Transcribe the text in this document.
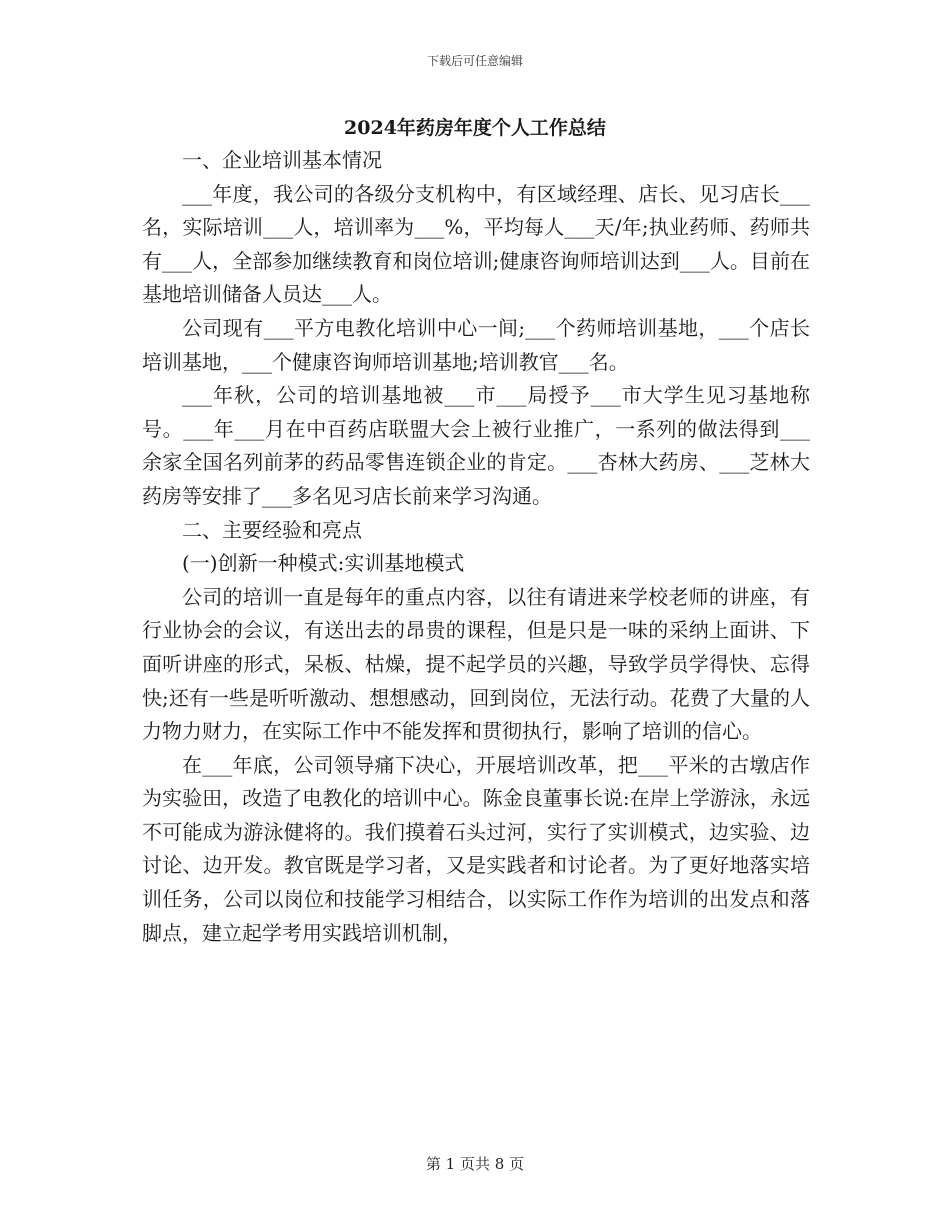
下载后可任意编辑

2024年药房年度个人工作总结

一、企业培训基本情况

___年度，我公司的各级分支机构中，有区域经理、店长、见习店长___名，实际培训___人，培训率为___%，平均每人___天/年;执业药师、药师共有___人，全部参加继续教育和岗位培训;健康咨询师培训达到___人。目前在基地培训储备人员达___人。

公司现有___平方电教化培训中心一间;___个药师培训基地，___个店长培训基地，___个健康咨询师培训基地;培训教官___名。

___年秋，公司的培训基地被___市___局授予___市大学生见习基地称号。___年___月在中百药店联盟大会上被行业推广，一系列的做法得到___余家全国名列前茅的药品零售连锁企业的肯定。___杏林大药房、___芝林大药房等安排了___多名见习店长前来学习沟通。

二、主要经验和亮点

(一)创新一种模式:实训基地模式

公司的培训一直是每年的重点内容，以往有请进来学校老师的讲座，有行业协会的会议，有送出去的昂贵的课程，但是只是一味的采纳上面讲、下面听讲座的形式，呆板、枯燥，提不起学员的兴趣，导致学员学得快、忘得快;还有一些是听听激动、想想感动，回到岗位，无法行动。花费了大量的人力物力财力，在实际工作中不能发挥和贯彻执行，影响了培训的信心。

在___年底，公司领导痛下决心，开展培训改革，把___平米的古墩店作为实验田，改造了电教化的培训中心。陈金良董事长说:在岸上学游泳，永远不可能成为游泳健将的。我们摸着石头过河，实行了实训模式，边实验、边讨论、边开发。教官既是学习者，又是实践者和讨论者。为了更好地落实培训任务，公司以岗位和技能学习相结合，以实际工作作为培训的出发点和落脚点，建立起学考用实践培训机制，

第 1 页共 8 页
